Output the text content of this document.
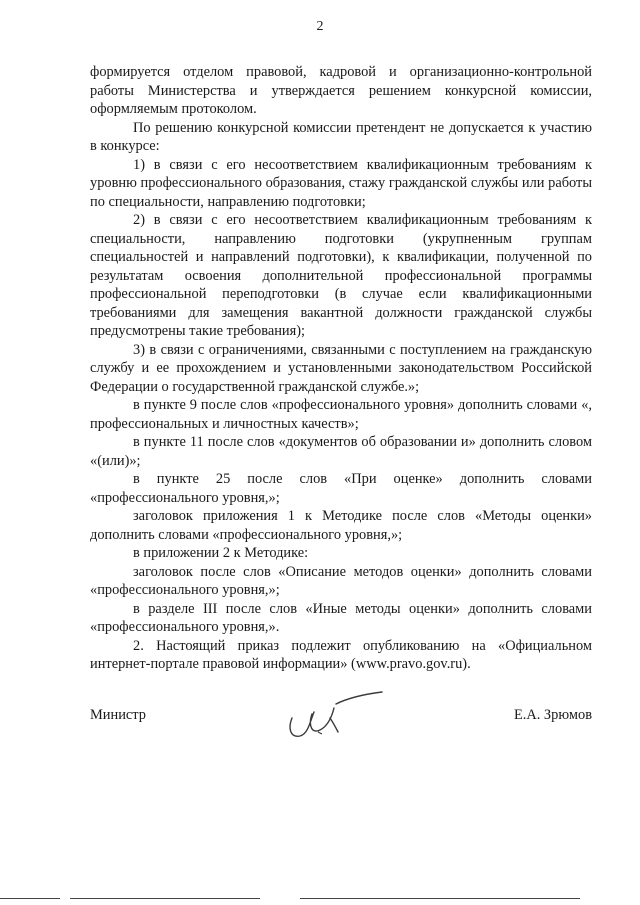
2

формируется отделом правовой, кадровой и организационно-контрольной работы Министерства и утверждается решением конкурсной комиссии, оформляемым протоколом.

По решению конкурсной комиссии претендент не допускается к участию в конкурсе:

1) в связи с его несоответствием квалификационным требованиям к уровню профессионального образования, стажу гражданской службы или работы по специальности, направлению подготовки;

2) в связи с его несоответствием квалификационным требованиям к специальности, направлению подготовки (укрупненным группам специальностей и направлений подготовки), к квалификации, полученной по результатам освоения дополнительной профессиональной программы профессиональной переподготовки (в случае если квалификационными требованиями для замещения вакантной должности гражданской службы предусмотрены такие требования);

3) в связи с ограничениями, связанными с поступлением на гражданскую службу и ее прохождением и установленными законодательством Российской Федерации о государственной гражданской службе.»;

в пункте 9 после слов «профессионального уровня» дополнить словами «, профессиональных и личностных качеств»;

в пункте 11 после слов «документов об образовании и» дополнить словом «(или)»;

в пункте 25 после слов «При оценке» дополнить словами «профессионального уровня,»;

заголовок приложения 1 к Методике после слов «Методы оценки» дополнить словами «профессионального уровня,»;

в приложении 2 к Методике:

заголовок после слов «Описание методов оценки» дополнить словами «профессионального уровня,»;

в разделе III после слов «Иные методы оценки» дополнить словами «профессионального уровня,».

2. Настоящий приказ подлежит опубликованию на «Официальном интернет-портале правовой информации» (www.pravo.gov.ru).

Министр	Е.А. Зрюмов
